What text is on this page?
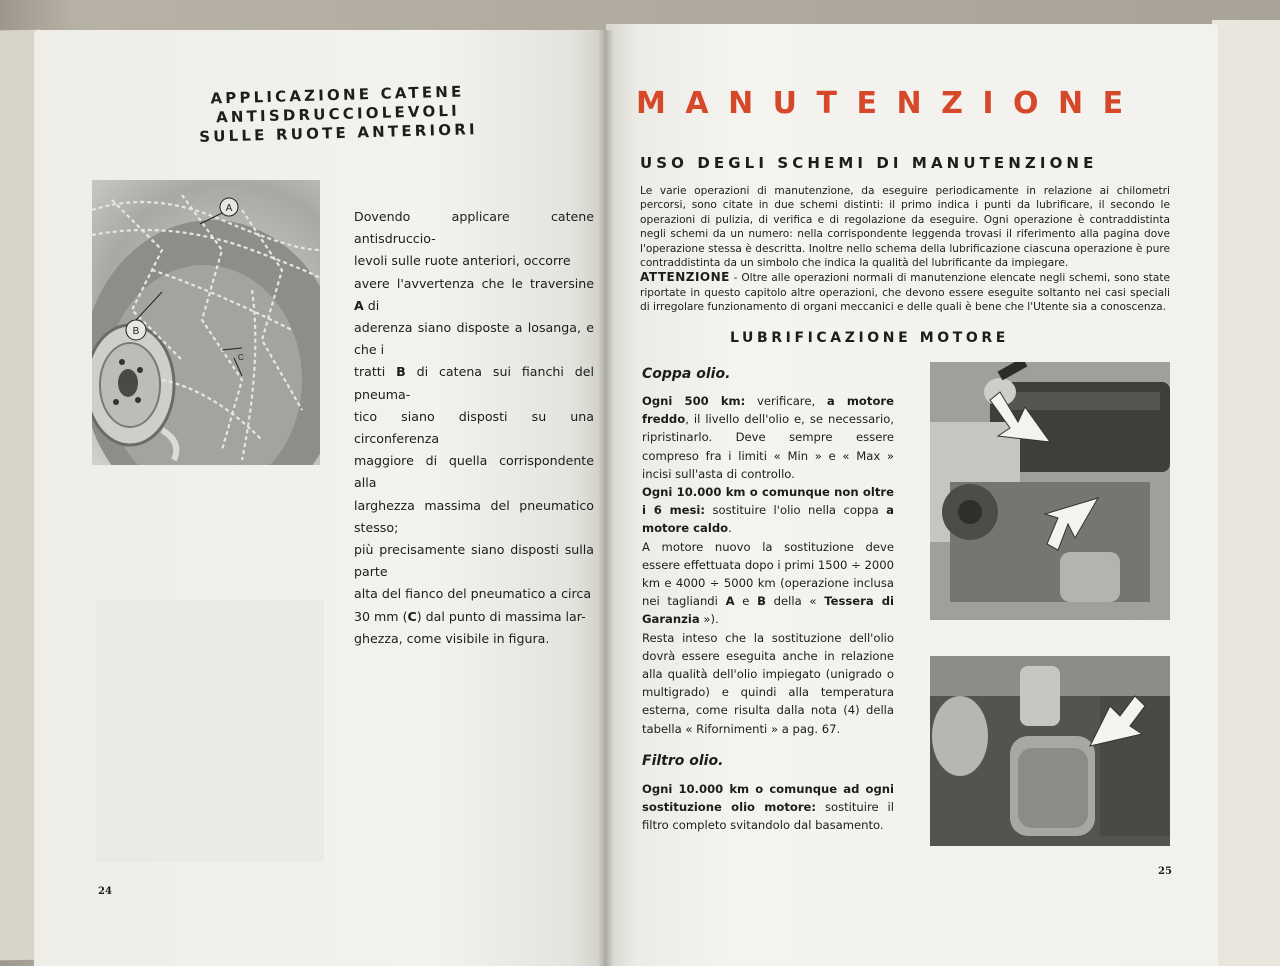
APPLICAZIONE CATENE ANTISDRUCCIOLEVOLI
SULLE RUOTE ANTERIORI
A
B
C
Dovendo applicare catene antisdruccio-
levoli sulle ruote anteriori, occorre
avere l'avvertenza che le traversine A di
aderenza siano disposte a losanga, e che i
tratti B di catena sui fianchi del pneuma-
tico siano disposti su una circonferenza
maggiore di quella corrispondente alla
larghezza massima del pneumatico stesso;
più precisamente siano disposti sulla parte
alta del fianco del pneumatico a circa
30 mm (C) dal punto di massima lar-
ghezza, come visibile in figura.
24
MANUTENZIONE
USO DEGLI SCHEMI DI MANUTENZIONE
Le varie operazioni di manutenzione, da eseguire periodicamente in relazione ai chilometri percorsi, sono citate in due schemi distinti: il primo indica i punti da lubrificare, il secondo le operazioni di pulizia, di verifica e di regolazione da eseguire. Ogni operazione è contraddistinta negli schemi da un numero: nella corrispondente leggenda trovasi il riferimento alla pagina dove l'operazione stessa è descritta. Inoltre nello schema della lubrificazione ciascuna operazione è pure contraddistinta da un simbolo che indica la qualità del lubrificante da impiegare.
ATTENZIONE - Oltre alle operazioni normali di manutenzione elencate negli schemi, sono state riportate in questo capitolo altre operazioni, che devono essere eseguite soltanto nei casi speciali di irregolare funzionamento di organi meccanici e delle quali è bene che l'Utente sia a conoscenza.
LUBRIFICAZIONE MOTORE
Coppa olio.
Ogni 500 km: verificare, a motore freddo, il livello dell'olio e, se necessario, ripristinarlo. Deve sempre essere compreso fra i limiti « Min » e « Max » incisi sull'asta di controllo.
Ogni 10.000 km o comunque non oltre i 6 mesi: sostituire l'olio nella coppa a motore caldo.
A motore nuovo la sostituzione deve essere effettuata dopo i primi 1500 ÷ 2000 km e 4000 ÷ 5000 km (operazione inclusa nei tagliandi A e B della « Tessera di Garanzia »).
Resta inteso che la sostituzione dell'olio dovrà essere eseguita anche in relazione alla qualità dell'olio impiegato (unigrado o multigrado) e quindi alla temperatura esterna, come risulta dalla nota (4) della tabella « Rifornimenti » a pag. 67.
Filtro olio.
Ogni 10.000 km o comunque ad ogni sostituzione olio motore: sostituire il filtro completo svitandolo dal basamento.
25
